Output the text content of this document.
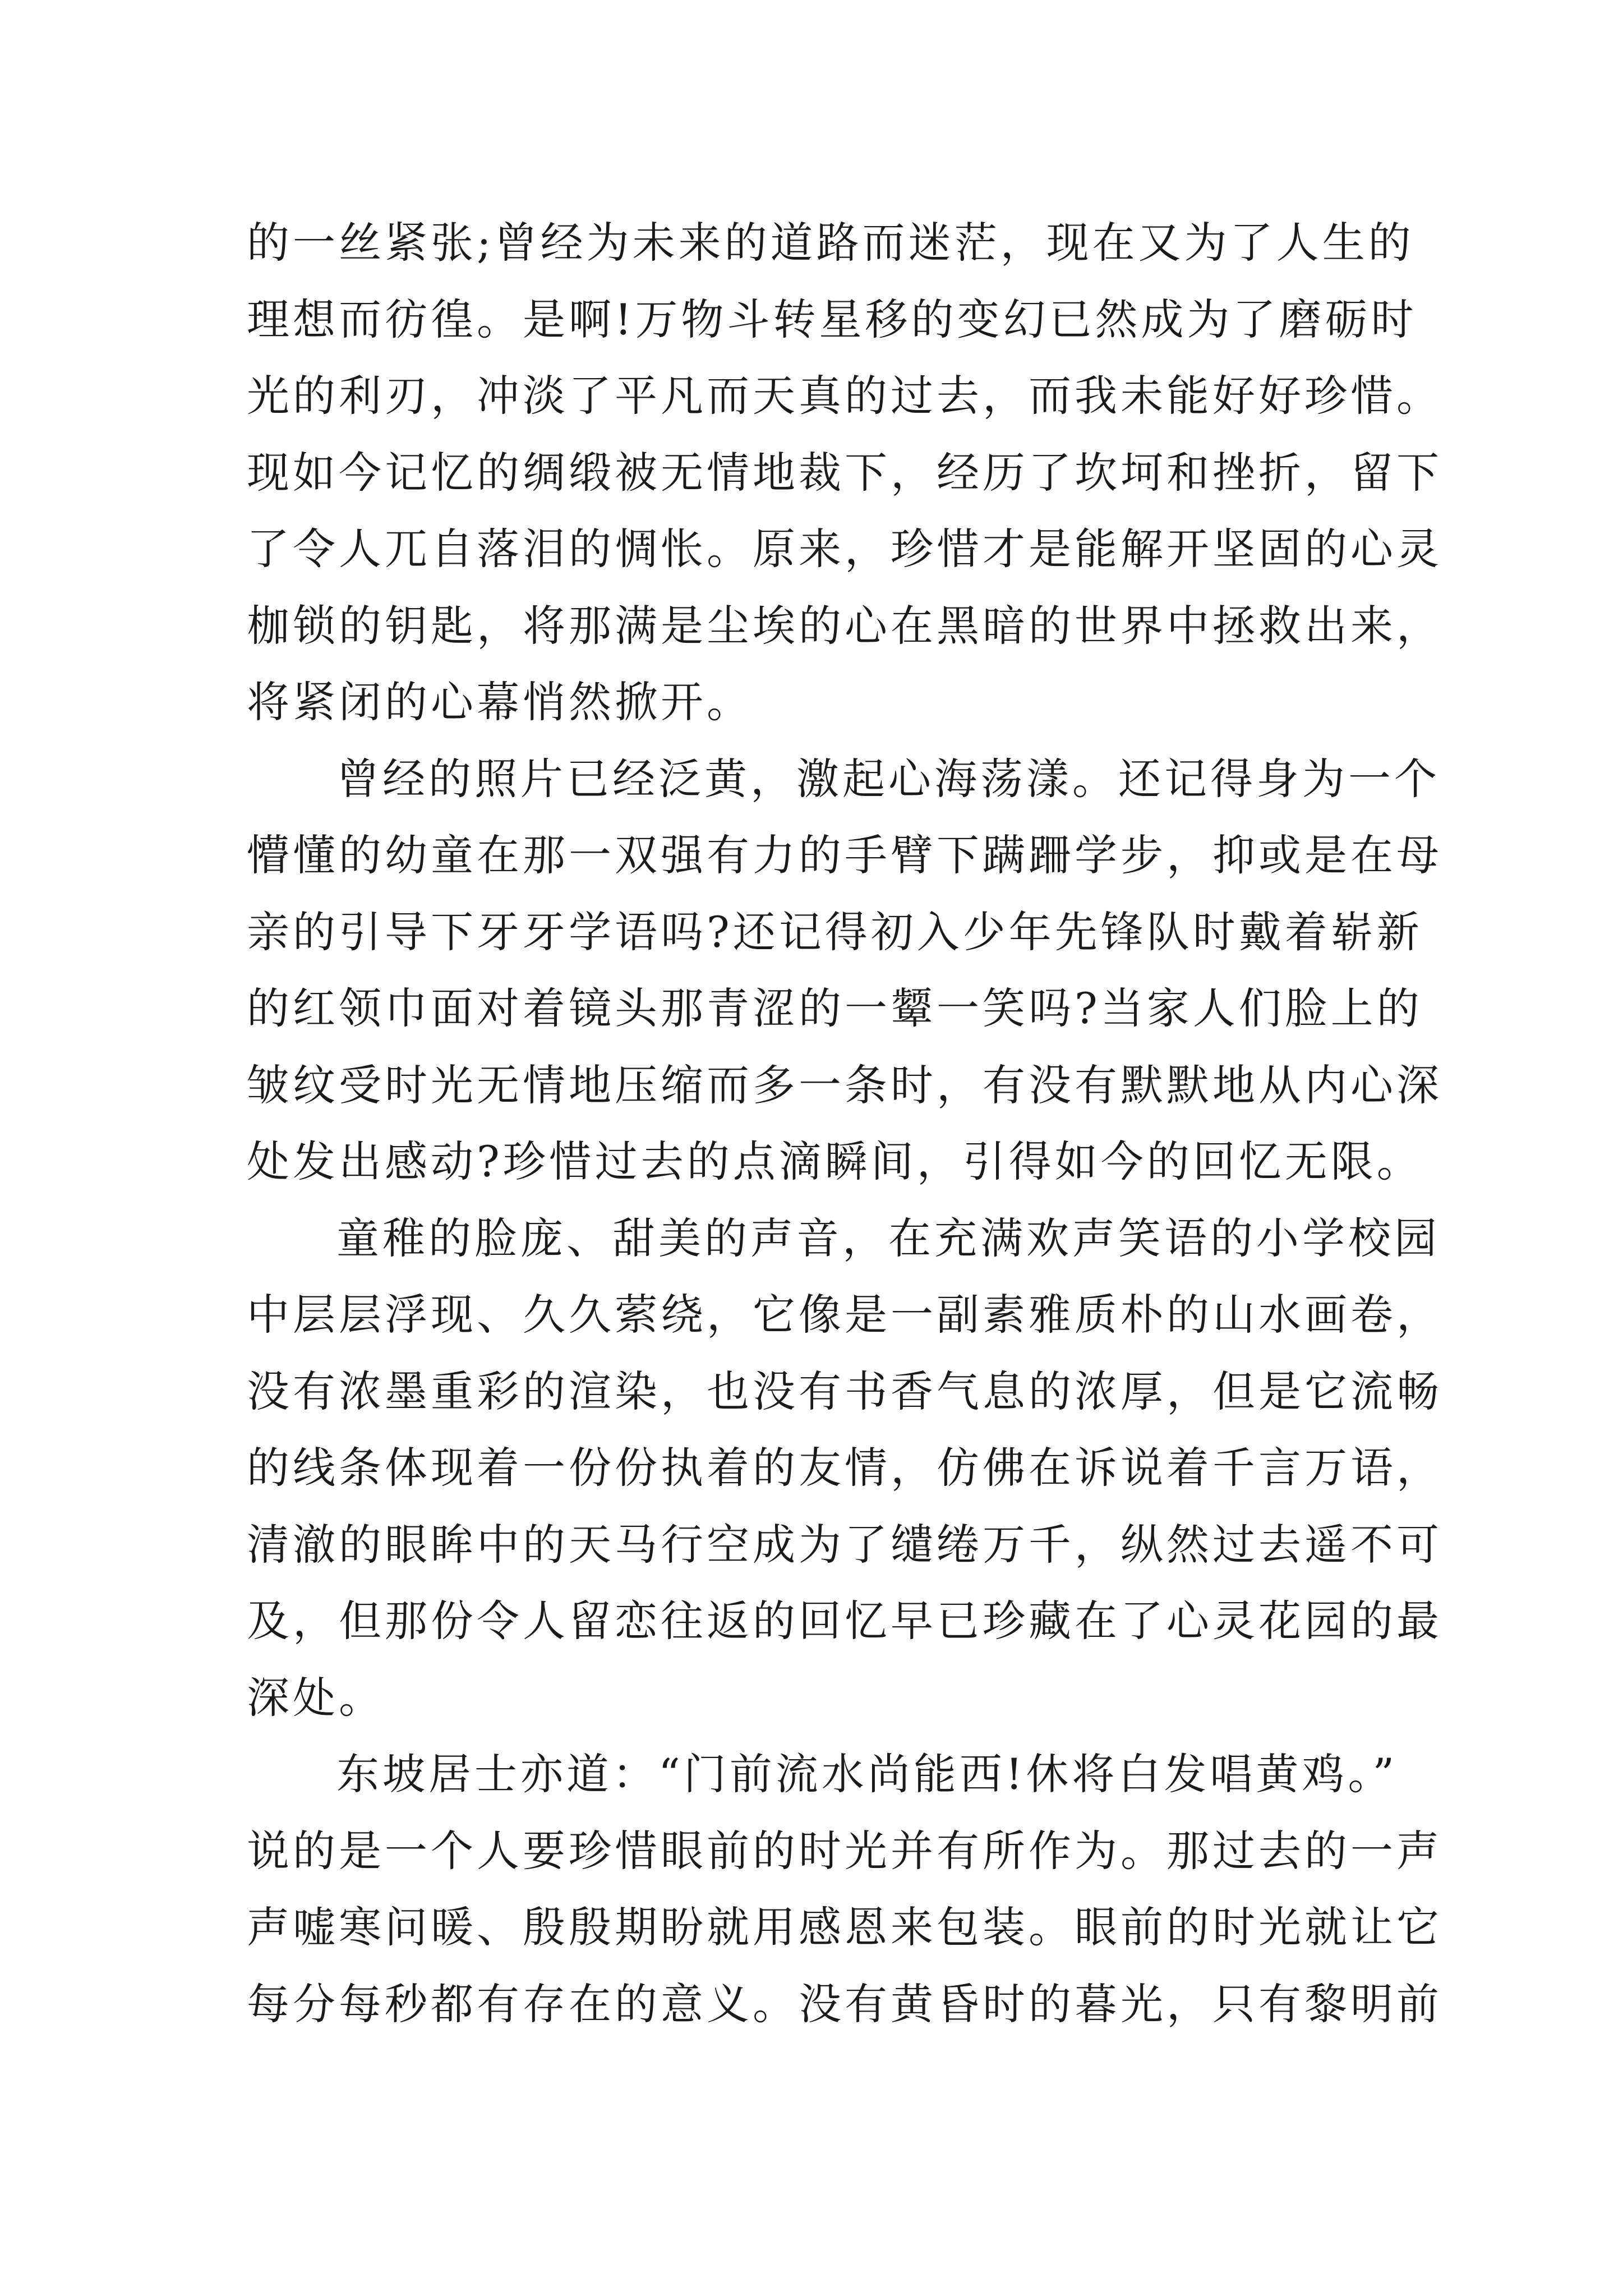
的一丝紧张;曾经为未来的道路而迷茫，现在又为了人生的
理想而彷徨。是啊!万物斗转星移的变幻已然成为了磨砺时
光的利刃，冲淡了平凡而天真的过去，而我未能好好珍惜。
现如今记忆的绸缎被无情地裁下，经历了坎坷和挫折，留下
了令人兀自落泪的惆怅。原来，珍惜才是能解开坚固的心灵
枷锁的钥匙，将那满是尘埃的心在黑暗的世界中拯救出来，
将紧闭的心幕悄然掀开。

曾经的照片已经泛黄，激起心海荡漾。还记得身为一个
懵懂的幼童在那一双强有力的手臂下蹒跚学步，抑或是在母
亲的引导下牙牙学语吗?还记得初入少年先锋队时戴着崭新
的红领巾面对着镜头那青涩的一颦一笑吗?当家人们脸上的
皱纹受时光无情地压缩而多一条时，有没有默默地从内心深
处发出感动?珍惜过去的点滴瞬间，引得如今的回忆无限。

童稚的脸庞、甜美的声音，在充满欢声笑语的小学校园
中层层浮现、久久萦绕，它像是一副素雅质朴的山水画卷，
没有浓墨重彩的渲染，也没有书香气息的浓厚，但是它流畅
的线条体现着一份份执着的友情，仿佛在诉说着千言万语，
清澈的眼眸中的天马行空成为了缱绻万千，纵然过去遥不可
及，但那份令人留恋往返的回忆早已珍藏在了心灵花园的最
深处。

东坡居士亦道：“门前流水尚能西!休将白发唱黄鸡。”
说的是一个人要珍惜眼前的时光并有所作为。那过去的一声
声嘘寒问暖、殷殷期盼就用感恩来包装。眼前的时光就让它
每分每秒都有存在的意义。没有黄昏时的暮光，只有黎明前
